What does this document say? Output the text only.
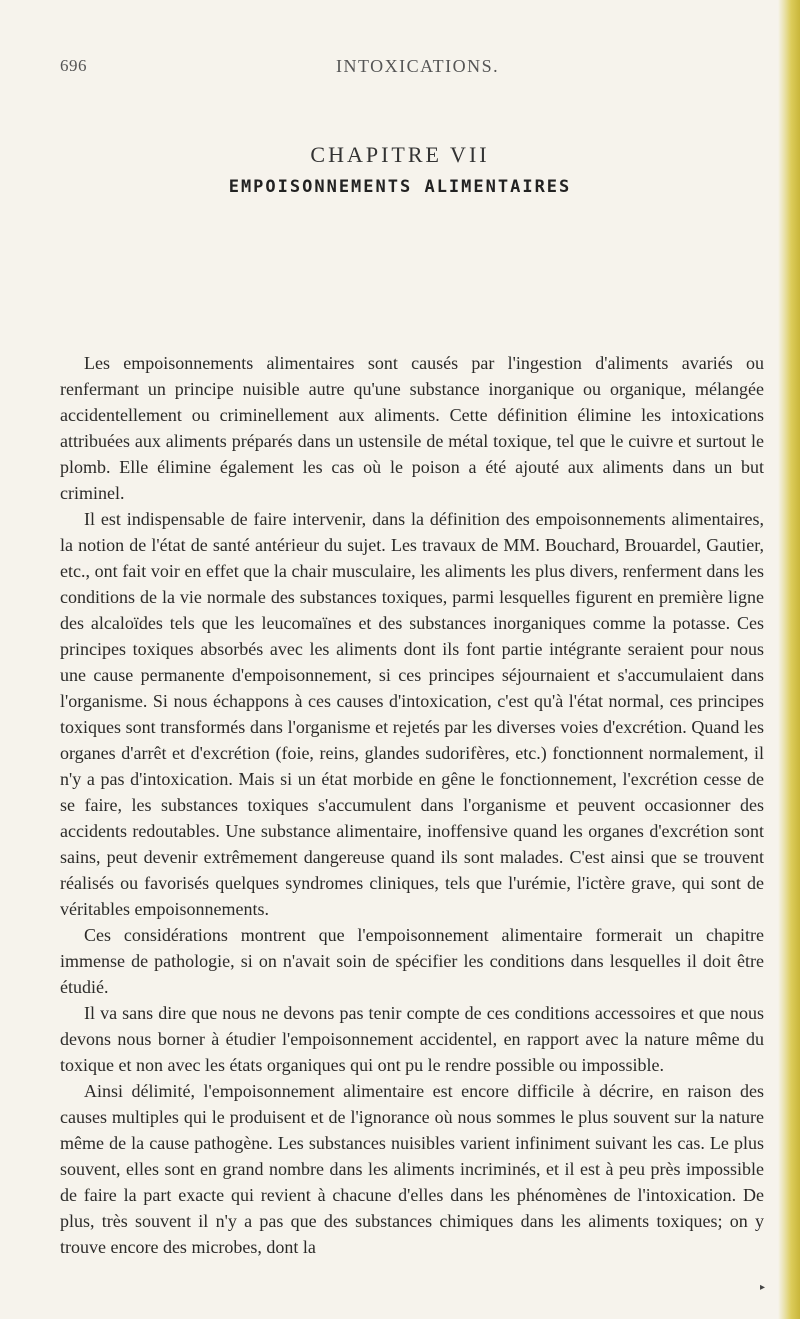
696	INTOXICATIONS.
CHAPITRE VII
EMPOISONNEMENTS ALIMENTAIRES

Les empoisonnements alimentaires sont causés par l'ingestion d'aliments avariés ou renfermant un principe nuisible autre qu'une substance inorganique ou organique, mélangée accidentellement ou criminellement aux aliments. Cette définition élimine les intoxications attribuées aux aliments préparés dans un ustensile de métal toxique, tel que le cuivre et surtout le plomb. Elle élimine également les cas où le poison a été ajouté aux aliments dans un but criminel.

Il est indispensable de faire intervenir, dans la définition des empoisonnements alimentaires, la notion de l'état de santé antérieur du sujet. Les travaux de MM. Bouchard, Brouardel, Gautier, etc., ont fait voir en effet que la chair musculaire, les aliments les plus divers, renferment dans les conditions de la vie normale des substances toxiques, parmi lesquelles figurent en première ligne des alcaloïdes tels que les leucomaïnes et des substances inorganiques comme la potasse. Ces principes toxiques absorbés avec les aliments dont ils font partie intégrante seraient pour nous une cause permanente d'empoisonnement, si ces principes séjournaient et s'accumulaient dans l'organisme. Si nous échappons à ces causes d'intoxication, c'est qu'à l'état normal, ces principes toxiques sont transformés dans l'organisme et rejetés par les diverses voies d'excrétion. Quand les organes d'arrêt et d'excrétion (foie, reins, glandes sudorifères, etc.) fonctionnent normalement, il n'y a pas d'intoxication. Mais si un état morbide en gêne le fonctionnement, l'excrétion cesse de se faire, les substances toxiques s'accumulent dans l'organisme et peuvent occasionner des accidents redoutables. Une substance alimentaire, inoffensive quand les organes d'excrétion sont sains, peut devenir extrêmement dangereuse quand ils sont malades. C'est ainsi que se trouvent réalisés ou favorisés quelques syndromes cliniques, tels que l'urémie, l'ictère grave, qui sont de véritables empoisonnements.

Ces considérations montrent que l'empoisonnement alimentaire formerait un chapitre immense de pathologie, si on n'avait soin de spécifier les conditions dans lesquelles il doit être étudié.

Il va sans dire que nous ne devons pas tenir compte de ces conditions accessoires et que nous devons nous borner à étudier l'empoisonnement accidentel, en rapport avec la nature même du toxique et non avec les états organiques qui ont pu le rendre possible ou impossible.

Ainsi délimité, l'empoisonnement alimentaire est encore difficile à décrire, en raison des causes multiples qui le produisent et de l'ignorance où nous sommes le plus souvent sur la nature même de la cause pathogène. Les substances nuisibles varient infiniment suivant les cas. Le plus souvent, elles sont en grand nombre dans les aliments incriminés, et il est à peu près impossible de faire la part exacte qui revient à chacune d'elles dans les phénomènes de l'intoxication. De plus, très souvent il n'y a pas que des substances chimiques dans les aliments toxiques; on y trouve encore des microbes, dont la

▸
